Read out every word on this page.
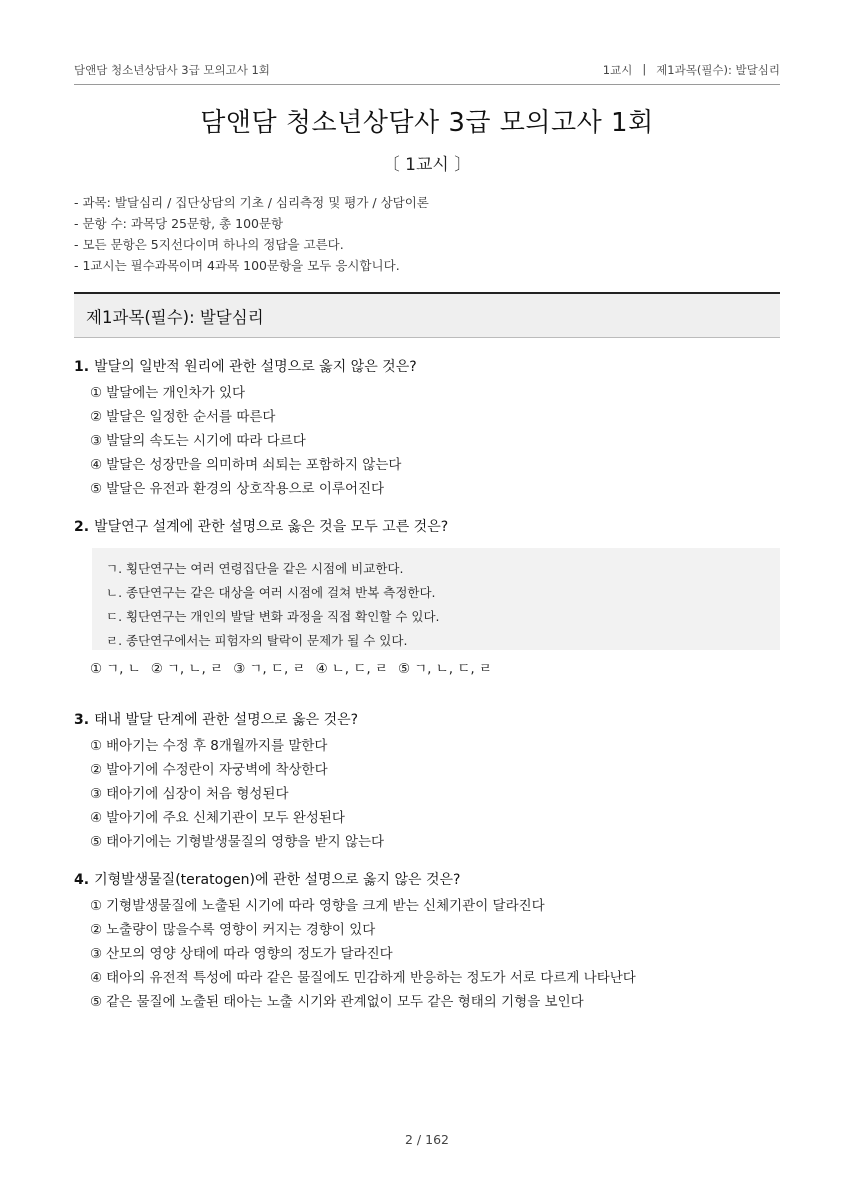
담앤담 청소년상담사 3급 모의고사 1회	1교시 | 제1과목(필수): 발달심리
담앤담 청소년상담사 3급 모의고사 1회
〔 1교시 〕
- 과목: 발달심리 / 집단상담의 기초 / 심리측정 및 평가 / 상담이론
- 문항 수: 과목당 25문항, 총 100문항
- 모든 문항은 5지선다이며 하나의 정답을 고른다.
- 1교시는 필수과목이며 4과목 100문항을 모두 응시합니다.
제1과목(필수): 발달심리
1. 발달의 일반적 원리에 관한 설명으로 옳지 않은 것은?
① 발달에는 개인차가 있다
② 발달은 일정한 순서를 따른다
③ 발달의 속도는 시기에 따라 다르다
④ 발달은 성장만을 의미하며 쇠퇴는 포함하지 않는다
⑤ 발달은 유전과 환경의 상호작용으로 이루어진다
2. 발달연구 설계에 관한 설명으로 옳은 것을 모두 고른 것은?
ㄱ. 횡단연구는 여러 연령집단을 같은 시점에 비교한다.
ㄴ. 종단연구는 같은 대상을 여러 시점에 걸쳐 반복 측정한다.
ㄷ. 횡단연구는 개인의 발달 변화 과정을 직접 확인할 수 있다.
ㄹ. 종단연구에서는 피험자의 탈락이 문제가 될 수 있다.
① ㄱ, ㄴ ② ㄱ, ㄴ, ㄹ ③ ㄱ, ㄷ, ㄹ ④ ㄴ, ㄷ, ㄹ ⑤ ㄱ, ㄴ, ㄷ, ㄹ
3. 태내 발달 단계에 관한 설명으로 옳은 것은?
① 배아기는 수정 후 8개월까지를 말한다
② 발아기에 수정란이 자궁벽에 착상한다
③ 태아기에 심장이 처음 형성된다
④ 발아기에 주요 신체기관이 모두 완성된다
⑤ 태아기에는 기형발생물질의 영향을 받지 않는다
4. 기형발생물질(teratogen)에 관한 설명으로 옳지 않은 것은?
① 기형발생물질에 노출된 시기에 따라 영향을 크게 받는 신체기관이 달라진다
② 노출량이 많을수록 영향이 커지는 경향이 있다
③ 산모의 영양 상태에 따라 영향의 정도가 달라진다
④ 태아의 유전적 특성에 따라 같은 물질에도 민감하게 반응하는 정도가 서로 다르게 나타난다
⑤ 같은 물질에 노출된 태아는 노출 시기와 관계없이 모두 같은 형태의 기형을 보인다
2 / 162
